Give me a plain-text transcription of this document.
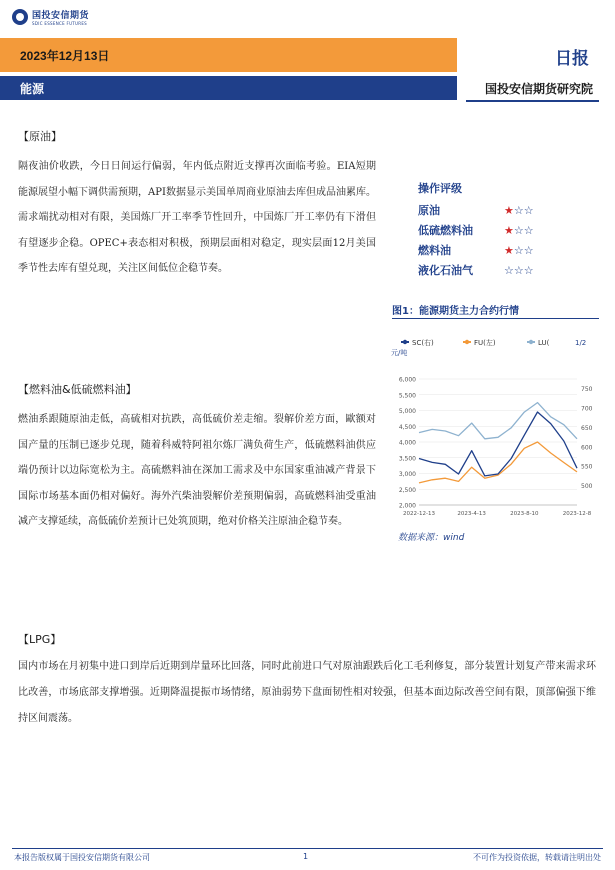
国投安信期货
SDIC ESSENCE FUTURES
2023年12月13日	日报
能源	国投安信期货研究院
【原油】
隔夜油价收跌，今日日间运行偏弱，年内低点附近支撑再次面临考验。EIA短期能源展望小幅下调供需预期，API数据显示美国单周商业原油去库但成品油累库。需求端扰动相对有限，美国炼厂开工率季节性回升，中国炼厂开工率仍有下滑但有望逐步企稳。OPEC+表态相对积极，预期层面相对稳定，现实层面12月美国季节性去库有望兑现，关注区间低位企稳节奏。
操作评级
原油	★☆☆
低硫燃料油	★☆☆
燃料油	★☆☆
液化石油气	☆☆☆
图1：能源期货主力合约行情
SC(右)	FU(左)	LU(
元/吨
6,000
5,500
5,000
4,500
4,000
3,500
3,000
2,500
2,000
750
700
650
600
550
500
2022-12-13	2023-4-13	2023-8-10	2023-12-8
1/2
数据来源：wind
【燃料油&低硫燃料油】
燃油系跟随原油走低，高硫相对抗跌，高低硫价差走缩。裂解价差方面，歐额对国产量的压制已逐步兑现，随着科威特阿祖尔炼厂满负荷生产，低硫燃料油供应端仍预计以边际宽松为主。高硫燃料油在深加工需求及中东国家重油减产背景下国际市场基本面仍相对偏好。海外汽柴油裂解价差预期偏弱，高硫燃料油受重油减产支撑延续，高低硫价差预计已处筑顶期，绝对价格关注原油企稳节奏。
【LPG】
国内市场在月初集中进口到岸后近期到岸量环比回落，同时此前进口气对原油跟跌后化工毛利修复，部分装置计划复产带来需求环比改善，市场底部支撑增强。近期降温提振市场情绪，原油弱势下盘面韧性相对较强，但基本面边际改善空间有限，顶部偏强下维持区间震荡。
本报告版权属于国投安信期货有限公司	1	不可作为投资依据，转载请注明出处
